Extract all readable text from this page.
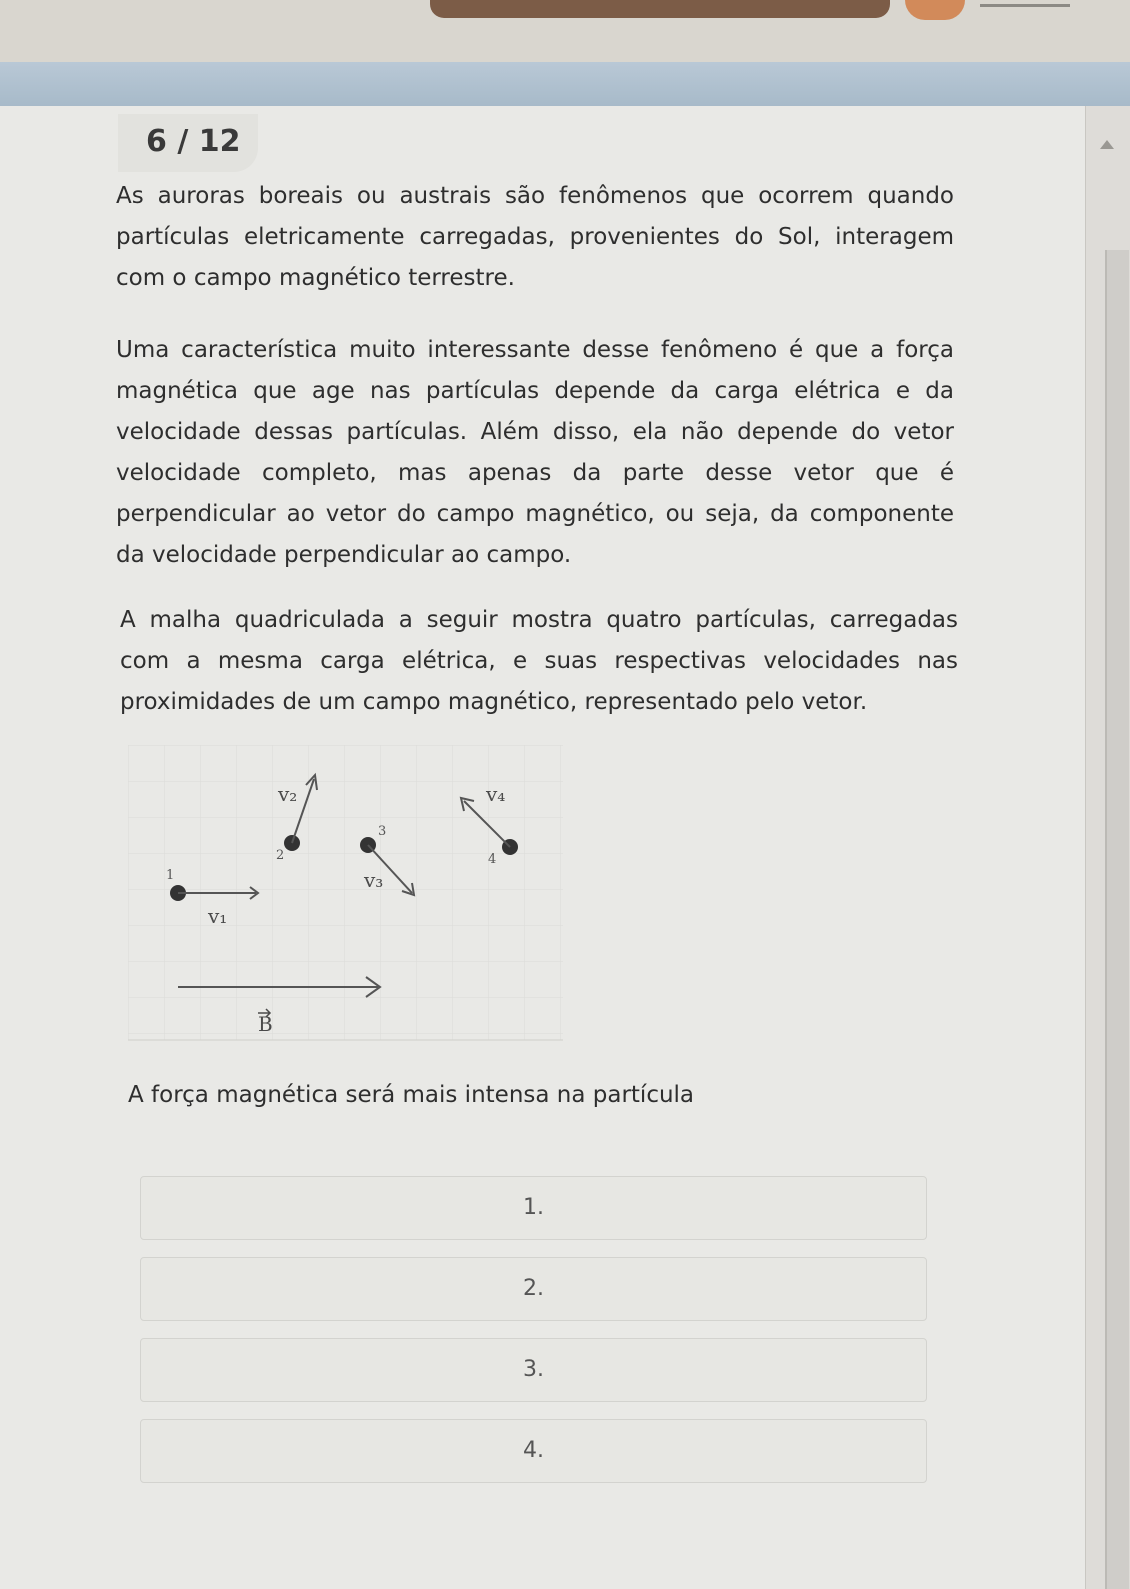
6 / 12

As auroras boreais ou austrais são fenômenos que ocorrem quando partículas eletricamente carregadas, provenientes do Sol, interagem com o campo magnético terrestre.

Uma característica muito interessante desse fenômeno é que a força magnética que age nas partículas depende da carga elétrica e da velocidade dessas partículas. Além disso, ela não depende do vetor velocidade completo, mas apenas da parte desse vetor que é perpendicular ao vetor do campo magnético, ou seja, da componente da velocidade perpendicular ao campo.

A malha quadriculada a seguir mostra quatro partículas, carregadas com a mesma carga elétrica, e suas respectivas velocidades nas proximidades de um campo magnético, representado pelo vetor.

1
v₁
2
v₂
3
v₃
4
v₄
B

A força magnética será mais intensa na partícula

1.
2.
3.
4.
